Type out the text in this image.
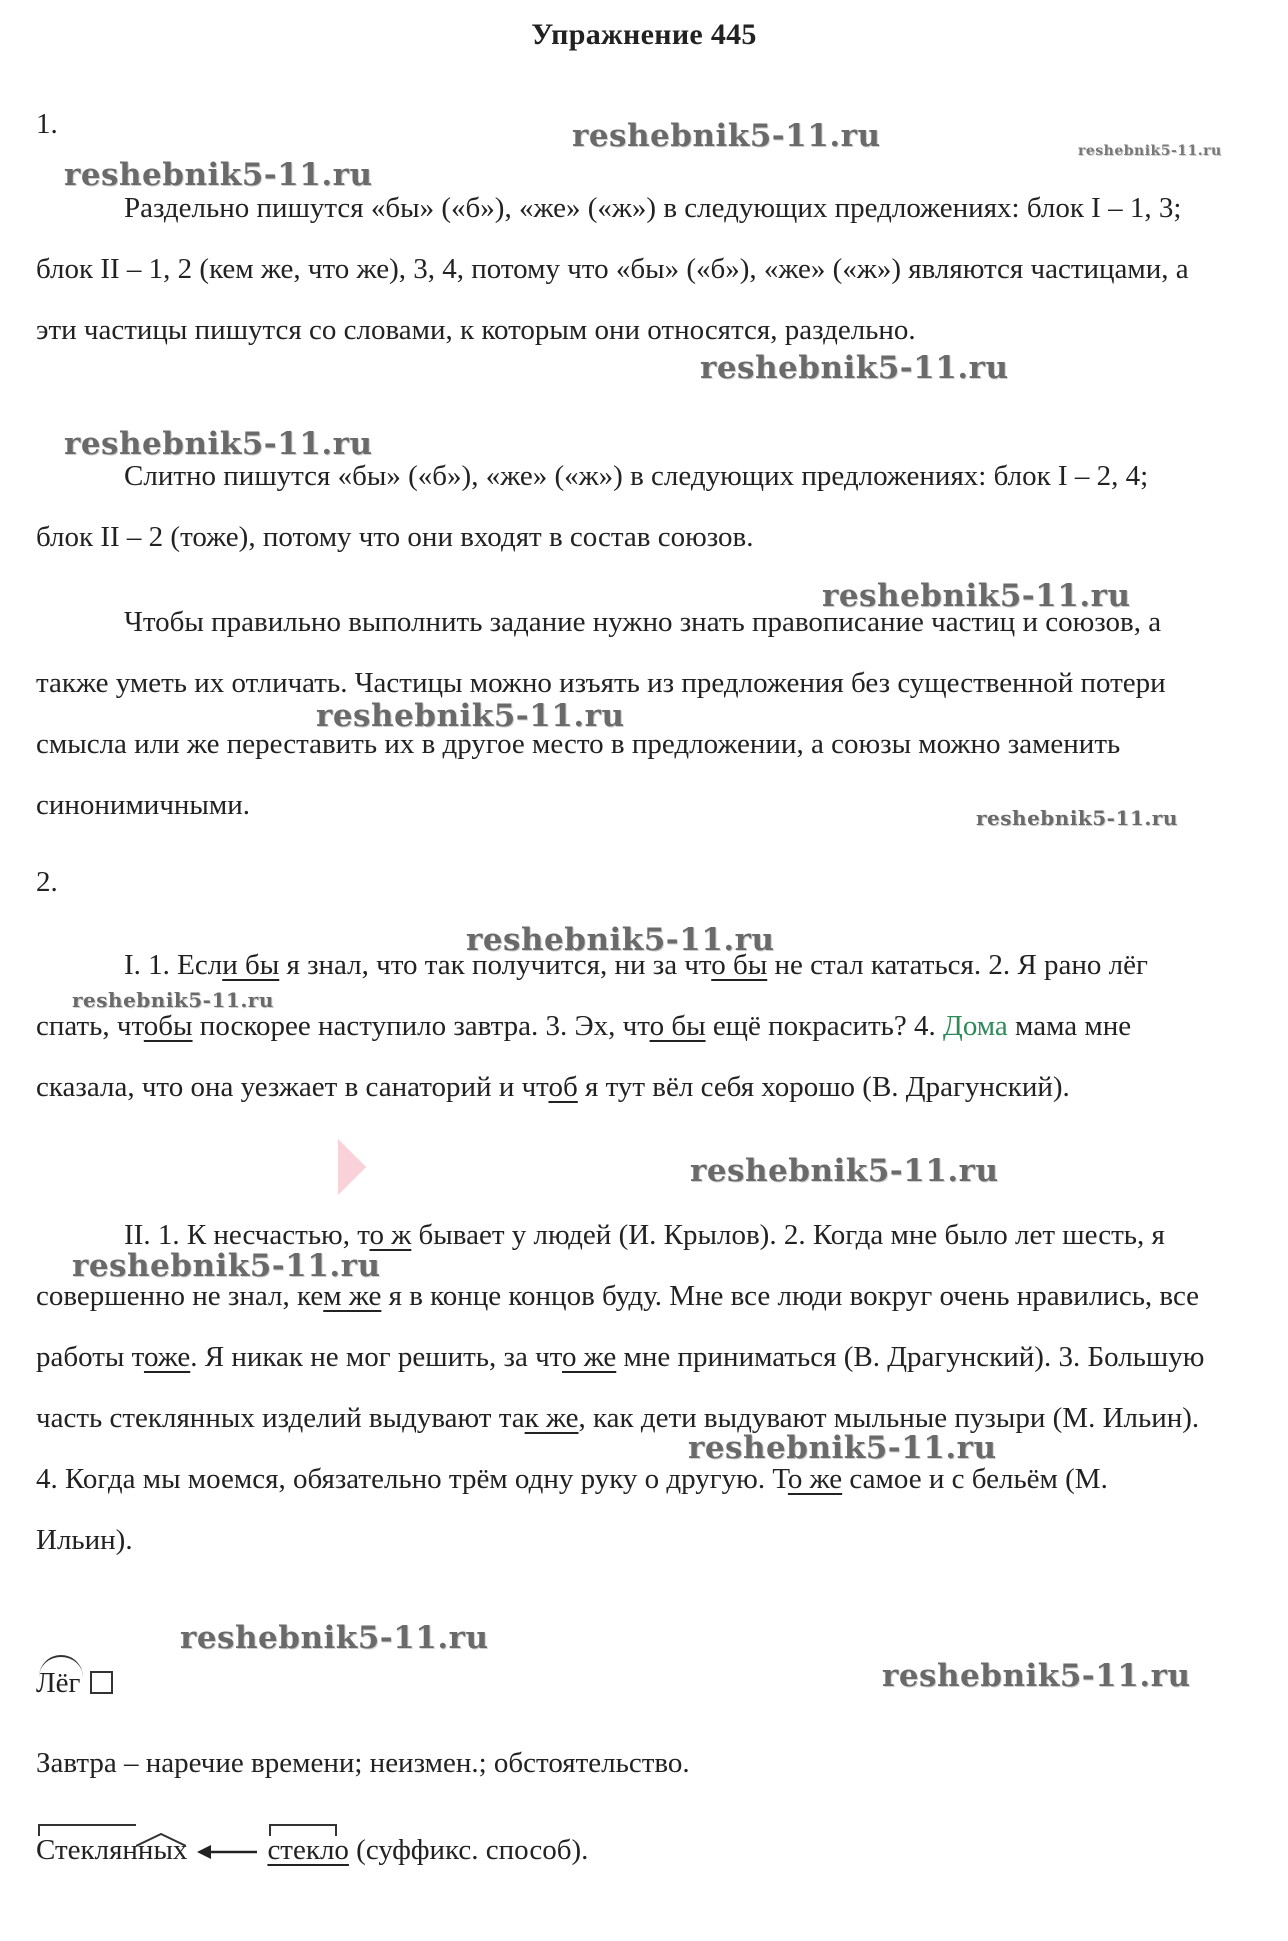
Упражнение 445
1.

Раздельно пишутся «бы» («б»), «же» («ж») в следующих предложениях: блок I – 1, 3; блок II – 1, 2 (кем же, что же), 3, 4, потому что «бы» («б»), «же» («ж») являются частицами, а эти частицы пишутся со словами, к которым они относятся, раздельно.

Слитно пишутся «бы» («б»), «же» («ж») в следующих предложениях: блок I – 2, 4; блок II – 2 (тоже), потому что они входят в состав союзов.

Чтобы правильно выполнить задание нужно знать правописание частиц и союзов, а также уметь их отличать. Частицы можно изъять из предложения без существенной потери смысла или же переставить их в другое место в предложении, а союзы можно заменить синонимичными.

2.

I. 1. Если бы я знал, что так получится, ни за что бы не стал кататься. 2. Я рано лёг спать, чтобы поскорее наступило завтра. 3. Эх, что бы ещё покрасить? 4. Дома мама мне сказала, что она уезжает в санаторий и чтоб я тут вёл себя хорошо (В. Драгунский).

II. 1. К несчастью, то ж бывает у людей (И. Крылов). 2. Когда мне было лет шесть, я совершенно не знал, кем же я в конце концов буду. Мне все люди вокруг очень нравились, все работы тоже. Я никак не мог решить, за что же мне приниматься (В. Драгунский). 3. Большую часть стеклянных изделий выдувают так же, как дети выдувают мыльные пузыри (М. Ильин). 4. Когда мы моемся, обязательно трём одну руку о другую. То же самое и с бельём (М. Ильин).

Лёг
Завтра – наречие времени; неизмен.; обстоятельство.
Стеклянных	стекло (суффикс. способ).
reshebnik5-11.ru	reshebnik5-11.ru
reshebnik5-11.ru
reshebnik5-11.ru
reshebnik5-11.ru
reshebnik5-11.ru
reshebnik5-11.ru
reshebnik5-11.ru
reshebnik5-11.ru
reshebnik5-11.ru
reshebnik5-11.ru
reshebnik5-11.ru
reshebnik5-11.ru
reshebnik5-11.ru
reshebnik5-11.ru
